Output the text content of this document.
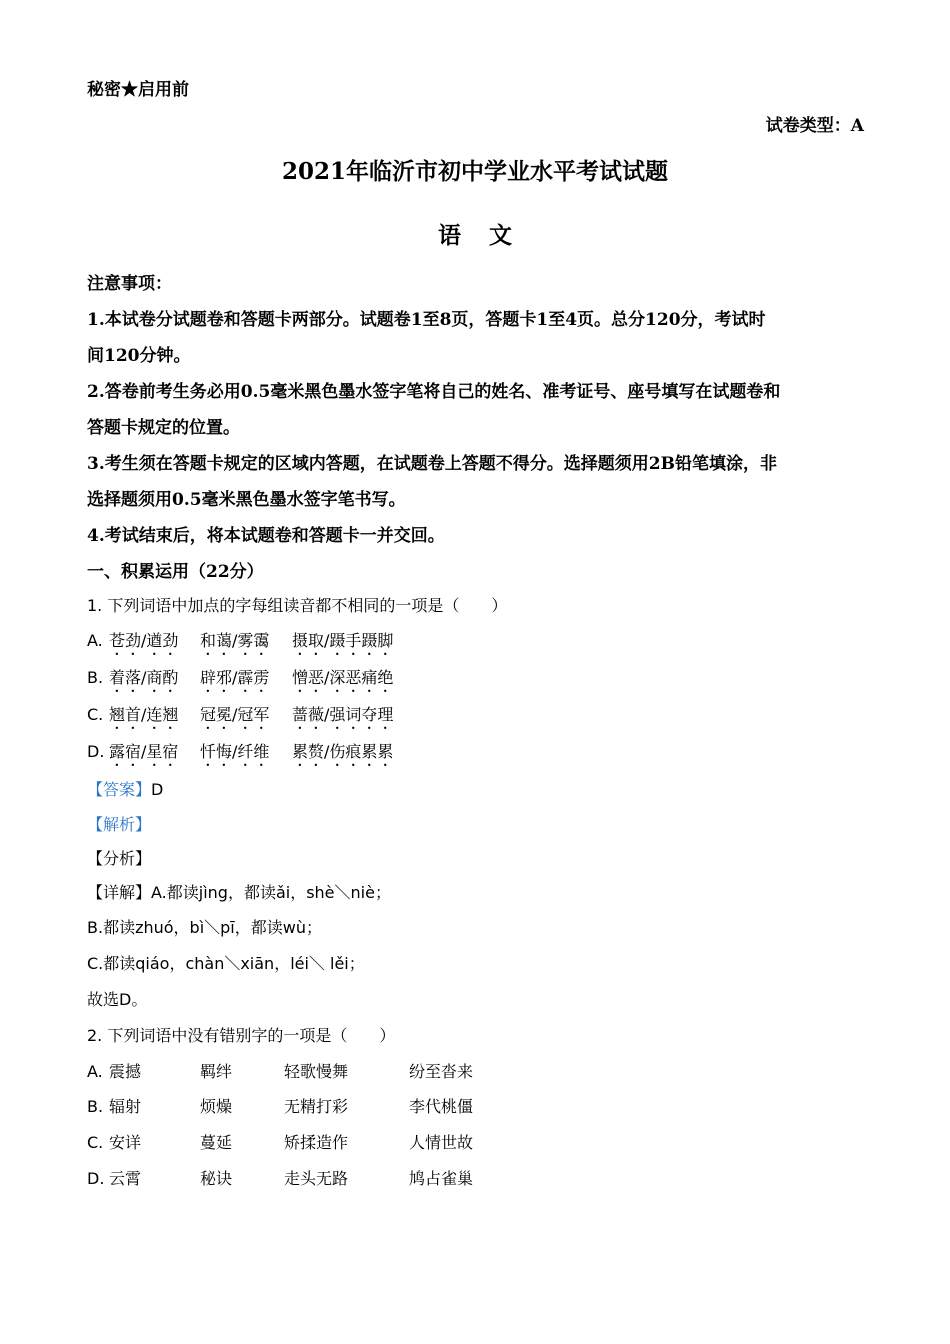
秘密★启用前
试卷类型：A
2021年临沂市初中学业水平考试试题
语文
注意事项：
1.本试卷分试题卷和答题卡两部分。试题卷1至8页，答题卡1至4页。总分120分，考试时
间120分钟。
2.答卷前考生务必用0.5毫米黑色墨水签字笔将自己的姓名、准考证号、座号填写在试题卷和
答题卡规定的位置。
3.考生须在答题卡规定的区域内答题，在试题卷上答题不得分。选择题须用2B铅笔填涂，非
选择题须用0.5毫米黑色墨水签字笔书写。
4.考试结束后，将本试题卷和答题卡一并交回。
一、积累运用（22分）
1. 下列词语中加点的字每组读音都不相同的一项是（　　）
A. 苍劲/遒劲 和蔼/雾霭 摄取/蹑手蹑脚
B. 着落/商酌 辟邪/霹雳 憎恶/深恶痛绝
C. 翘首/连翘 冠冕/冠军 蔷薇/强词夺理
D. 露宿/星宿 忏悔/纤维 累赘/伤痕累累
【答案】D
【解析】
【分析】
【详解】A.都读jìng，都读ǎi，shè＼niè；
B.都读zhuó，bì＼pī，都读wù；
C.都读qiáo，chàn＼xiān，léi＼ lěi；
故选D。
2. 下列词语中没有错别字的一项是（　　）
A. 震撼	羁绊	轻歌慢舞	纷至沓来
B. 辐射	烦燥	无精打彩	李代桃僵
C. 安详	蔓延	矫揉造作	人情世故
D. 云霄	秘诀	走头无路	鸠占雀巢
